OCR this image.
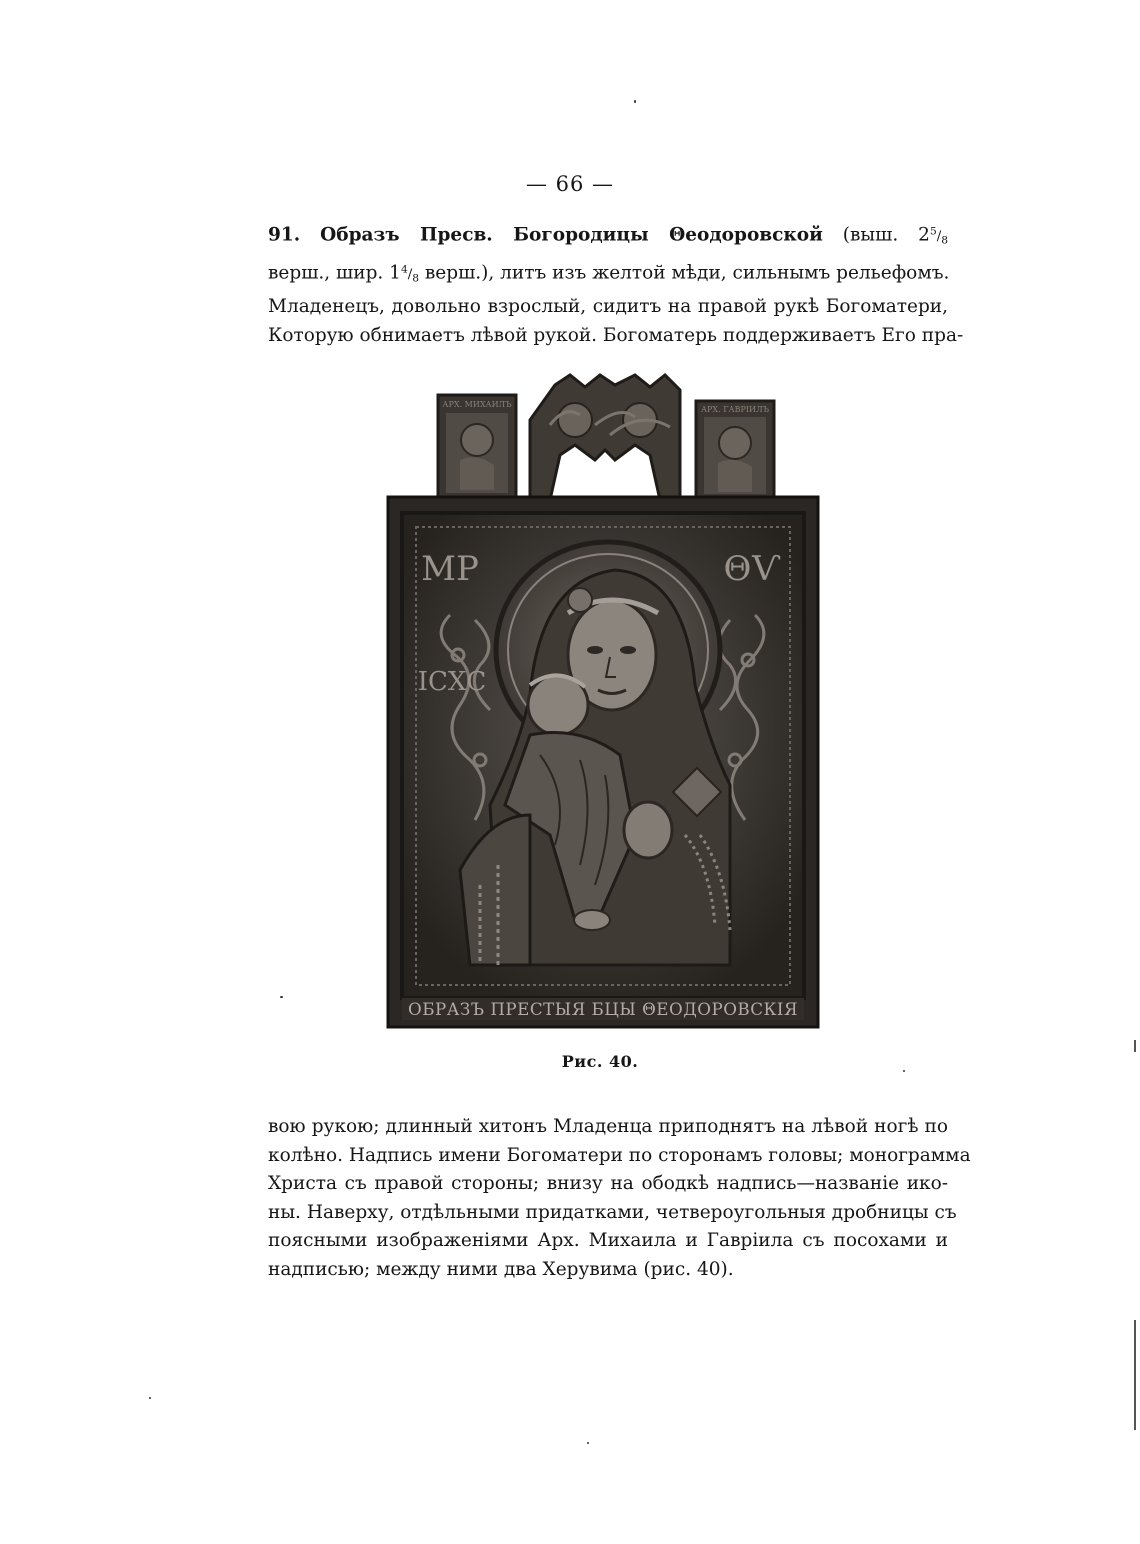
— 66 —
91. Образъ Пресв. Богородицы Θеодоровской (выш. $2^5/_8$
верш., шир. $1^4/_8$ верш.), литъ изъ желтой мѣди, сильнымъ рельефомъ.
Младенецъ, довольно взрослый, сидитъ на правой рукѣ Богоматери,
Которую обнимаетъ лѣвой рукой. Богоматерь поддерживаетъ Его пра-
АРХ. МИХАИЛЪ
АРХ. ГАВРІИЛЪ
МР	ΘѴ
ІСХС
ОБРАЗЪ ПРЕСТЫЯ БЦЫ ΘЕОДОРОВСКІЯ
Рис. 40.
вою рукою; длинный хитонъ Младенца приподнятъ на лѣвой ногѣ по
колѣно. Надпись имени Богоматери по сторонамъ головы; монограмма
Христа съ правой стороны; внизу на ободкѣ надпись—названіе ико-
ны. Наверху, отдѣльными придатками, четвероугольныя дробницы съ
поясными изображеніями Арх. Михаила и Гавріила съ посохами и
надписью; между ними два Херувима (рис. 40).
